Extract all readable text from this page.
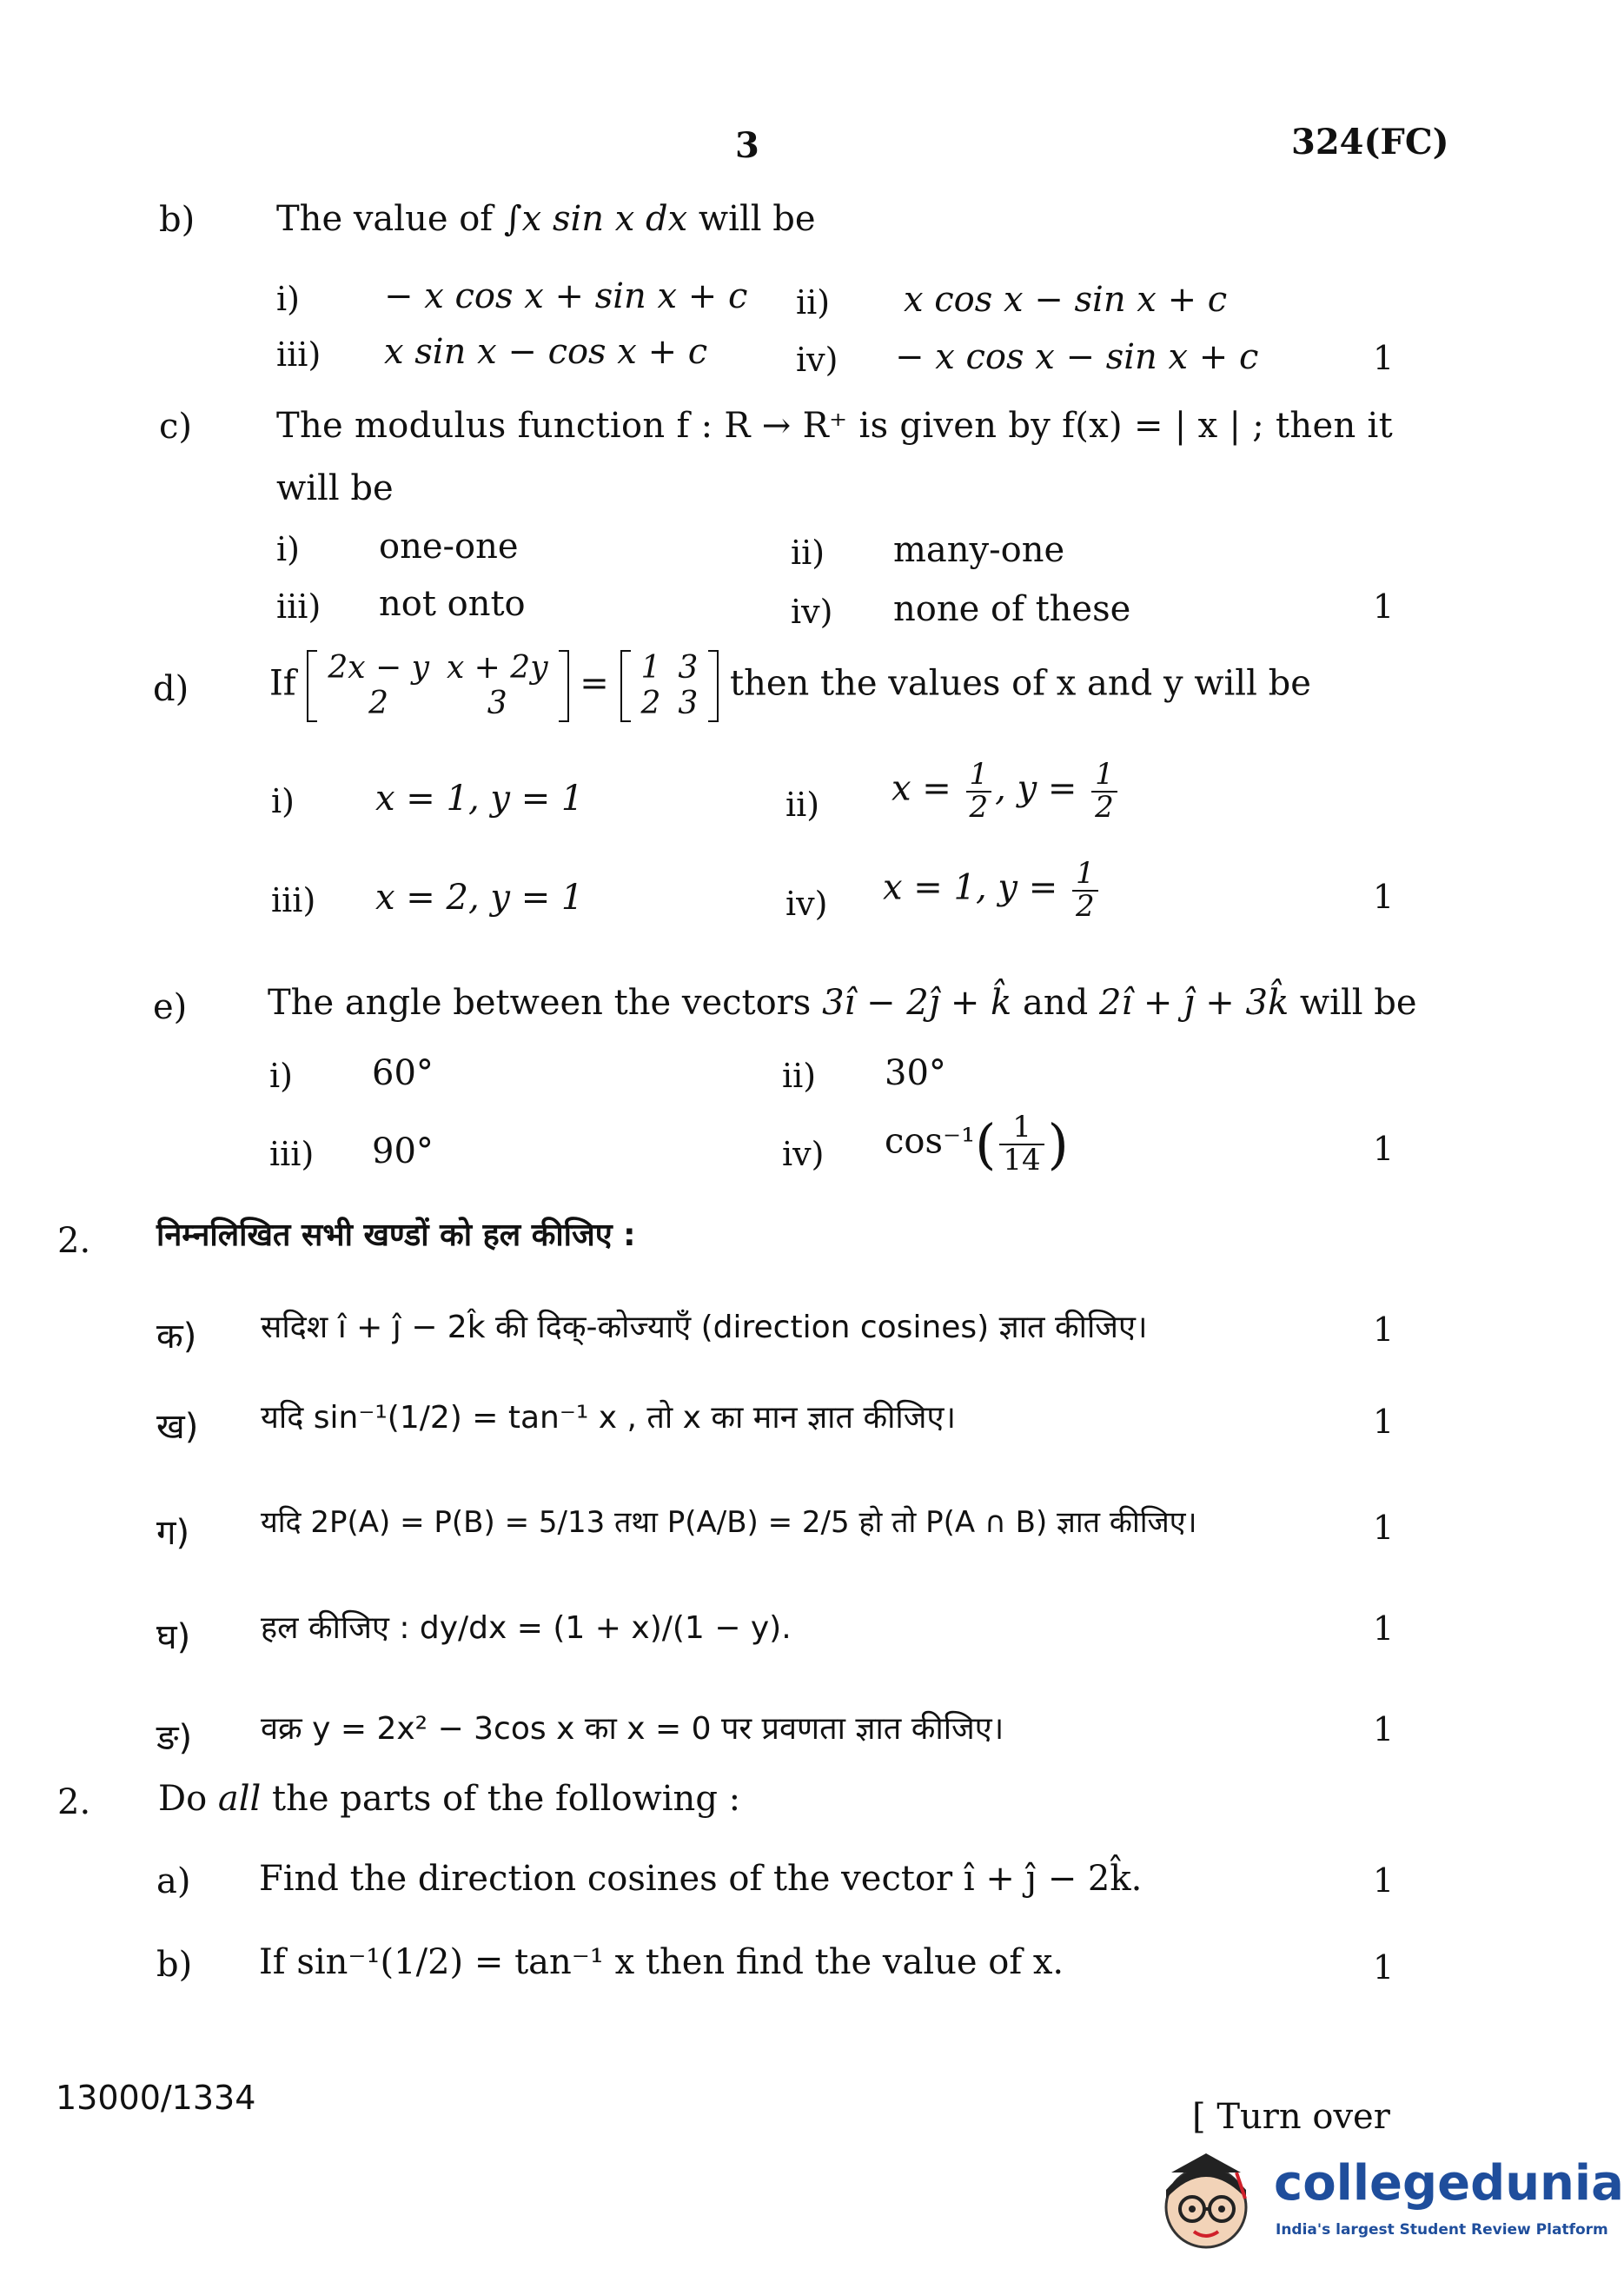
3	324(FC)
b) The value of ∫x sin x dx will be
i) − x cos x + sin x + c ii) x cos x − sin x + c
iii) x sin x − cos x + c	iv) − x cos x − sin x + c	1
c) The modulus function f : R → R⁺ is given by f(x) = | x | ; then it
will be
i) one-one	ii) many-one
iii) not onto	iv) none of these	1
d) If 2x − y	x + 2y
2	3
= 1	3
2	3
then the values of x and y will be
i) x = 1, y = 1	ii) $x = \frac{1}{2}$ , $y = \frac{1}{2}$
iii) x = 2, y = 1	iv) x = 1, $y = \frac{1}{2}$	1
e) The angle between the vectors 3î − 2ĵ + k̂ and 2î + ĵ + 3k̂ will be
i) 60°	ii) 30°
iii) 90°	iv) $\cos^{-1}( \frac{1}{14}$ )	1
2. निम्नलिखित सभी खण्डों को हल कीजिए :
क) सदिश î + ĵ − 2k̂ की दिक्-कोज्याएँ (direction cosines) ज्ञात कीजिए।	1
ख) यदि sin⁻¹(1/2) = tan⁻¹ x , तो x का मान ज्ञात कीजिए।	1
ग) यदि 2P(A) = P(B) = 5/13 तथा P(A/B) = 2/5 हो तो P(A ∩ B) ज्ञात कीजिए।	1
घ) हल कीजिए : dy/dx = (1 + x)/(1 − y).	1
ङ) वक्र y = 2x² − 3cos x का x = 0 पर प्रवणता ज्ञात कीजिए।	1
2. Do all the parts of the following :
a) Find the direction cosines of the vector î + ĵ − 2k̂.	1
b) If sin⁻¹(1/2) = tan⁻¹ x then find the value of x.	1
13000/1334	[ Turn over
collegedunia
India's largest Student Review Platform
